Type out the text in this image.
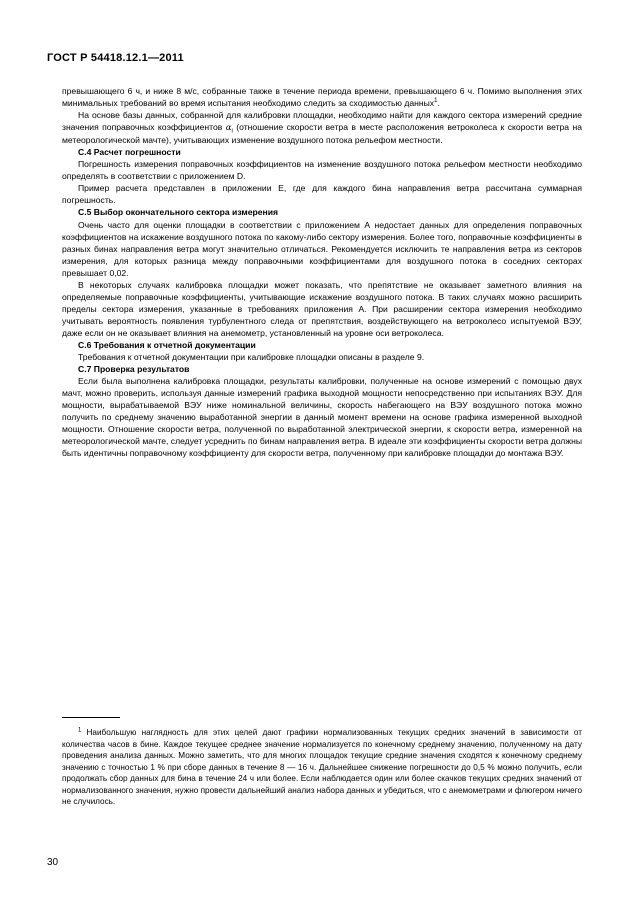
ГОСТ Р 54418.12.1—2011

превышающего 6 ч, и ниже 8 м/с, собранные также в течение периода времени, превышающего 6 ч. Помимо выполнения этих минимальных требований во время испытания необходимо следить за сходимостью данных$^1$.

На основе базы данных, собранной для калибровки площадки, необходимо найти для каждого сектора измерений средние значения поправочных коэффициентов $\alpha_i$ (отношение скорости ветра в месте расположения ветроколеса к скорости ветра на метеорологической мачте), учитывающих изменение воздушного потока рельефом местности.

С.4 Расчет погрешности

Погрешность измерения поправочных коэффициентов на изменение воздушного потока рельефом местности необходимо определять в соответствии с приложением D.

Пример расчета представлен в приложении Е, где для каждого бина направления ветра рассчитана суммарная погрешность.

С.5 Выбор окончательного сектора измерения

Очень часто для оценки площадки в соответствии с приложением А недостает данных для определения поправочных коэффициентов на искажение воздушного потока по какому-либо сектору измерения. Более того, поправочные коэффициенты в разных бинах направления ветра могут значительно отличаться. Рекомендуется исключить те направления ветра из секторов измерения, для которых разница между поправочными коэффициентами для воздушного потока в соседних секторах превышает 0,02.

В некоторых случаях калибровка площадки может показать, что препятствие не оказывает заметного влияния на определяемые поправочные коэффициенты, учитывающие искажение воздушного потока. В таких случаях можно расширить пределы сектора измерения, указанные в требованиях приложения А. При расширении сектора измерения необходимо учитывать вероятность появления турбулентного следа от препятствия, воздействующего на ветроколесо испытуемой ВЭУ, даже если он не оказывает влияния на анемометр, установленный на уровне оси ветроколеса.

С.6 Требования к отчетной документации

Требования к отчетной документации при калибровке площадки описаны в разделе 9.

С.7 Проверка результатов

Если была выполнена калибровка площадки, результаты калибровки, полученные на основе измерений с помощью двух мачт, можно проверить, используя данные измерений графика выходной мощности непосредственно при испытаниях ВЭУ. Для мощности, вырабатываемой ВЭУ ниже номинальной величины, скорость набегающего на ВЭУ воздушного потока можно получить по среднему значению выработанной энергии в данный момент времени на основе графика измеренной выходной мощности. Отношение скорости ветра, полученной по выработанной электрической энергии, к скорости ветра, измеренной на метеорологической мачте, следует усреднить по бинам направления ветра. В идеале эти коэффициенты скорости ветра должны быть идентичны поправочному коэффициенту для скорости ветра, полученному при калибровке площадки до монтажа ВЭУ.

$^1$ Наибольшую наглядность для этих целей дают графики нормализованных текущих средних значений в зависимости от количества часов в бине. Каждое текущее среднее значение нормализуется по конечному среднему значению, полученному на дату проведения анализа данных. Можно заметить, что для многих площадок текущие средние значения сходятся к конечному среднему значению с точностью 1 % при сборе данных в течение 8 — 16 ч. Дальнейшее снижение погрешности до 0,5 % можно получить, если продолжать сбор данных для бина в течение 24 ч или более. Если наблюдается один или более скачков текущих средних значений от нормализованного значения, нужно провести дальнейший анализ набора данных и убедиться, что с анемометрами и флюгером ничего не случилось.

30
